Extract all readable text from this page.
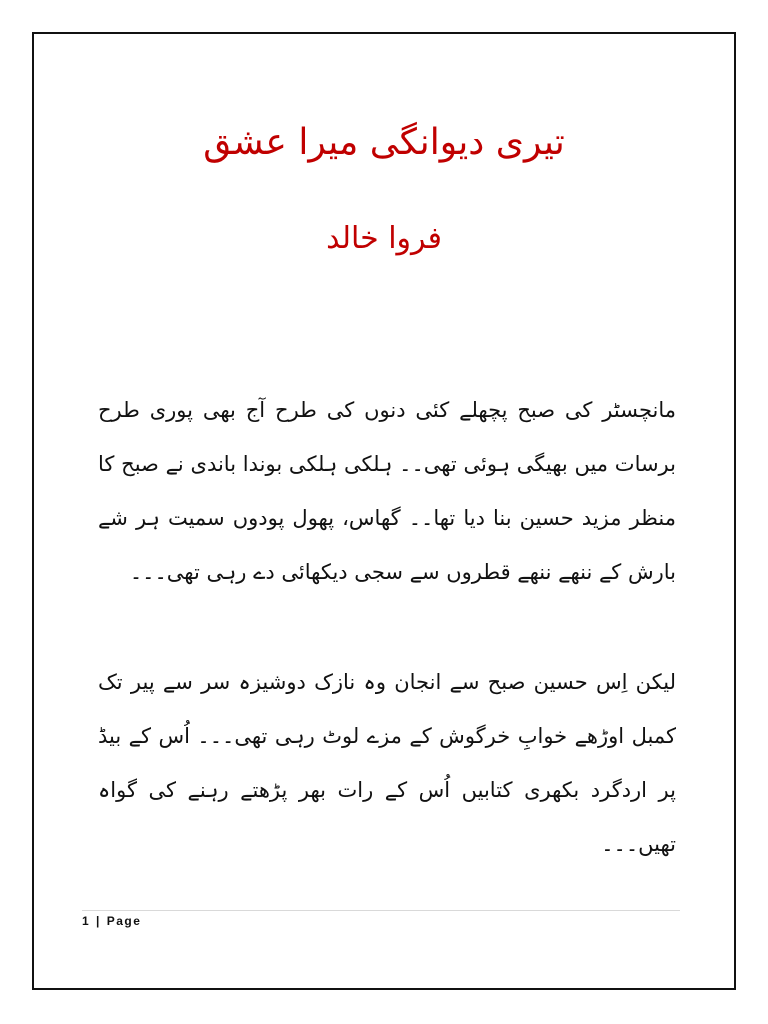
تیری دیوانگی میرا عشق
فروا خالد

مانچسٹر کی صبح پچھلے کئی دنوں کی طرح آج بھی پوری طرح برسات میں بھیگی ہوئی تھی۔۔ ہلکی ہلکی بوندا باندی نے صبح کا منظر مزید حسین بنا دیا تھا۔۔ گھاس، پھول پودوں سمیت ہر شے بارش کے ننھے ننھے قطروں سے سجی دیکھائی دے رہی تھی۔۔۔

لیکن اِس حسین صبح سے انجان وہ نازک دوشیزہ سر سے پیر تک کمبل اوڑھے خوابِ خرگوش کے مزے لوٹ رہی تھی۔۔۔ اُس کے بیڈ پر اردگرد بکھری کتابیں اُس کے رات بھر پڑھتے رہنے کی گواہ تھیں۔۔۔

1 | Page
